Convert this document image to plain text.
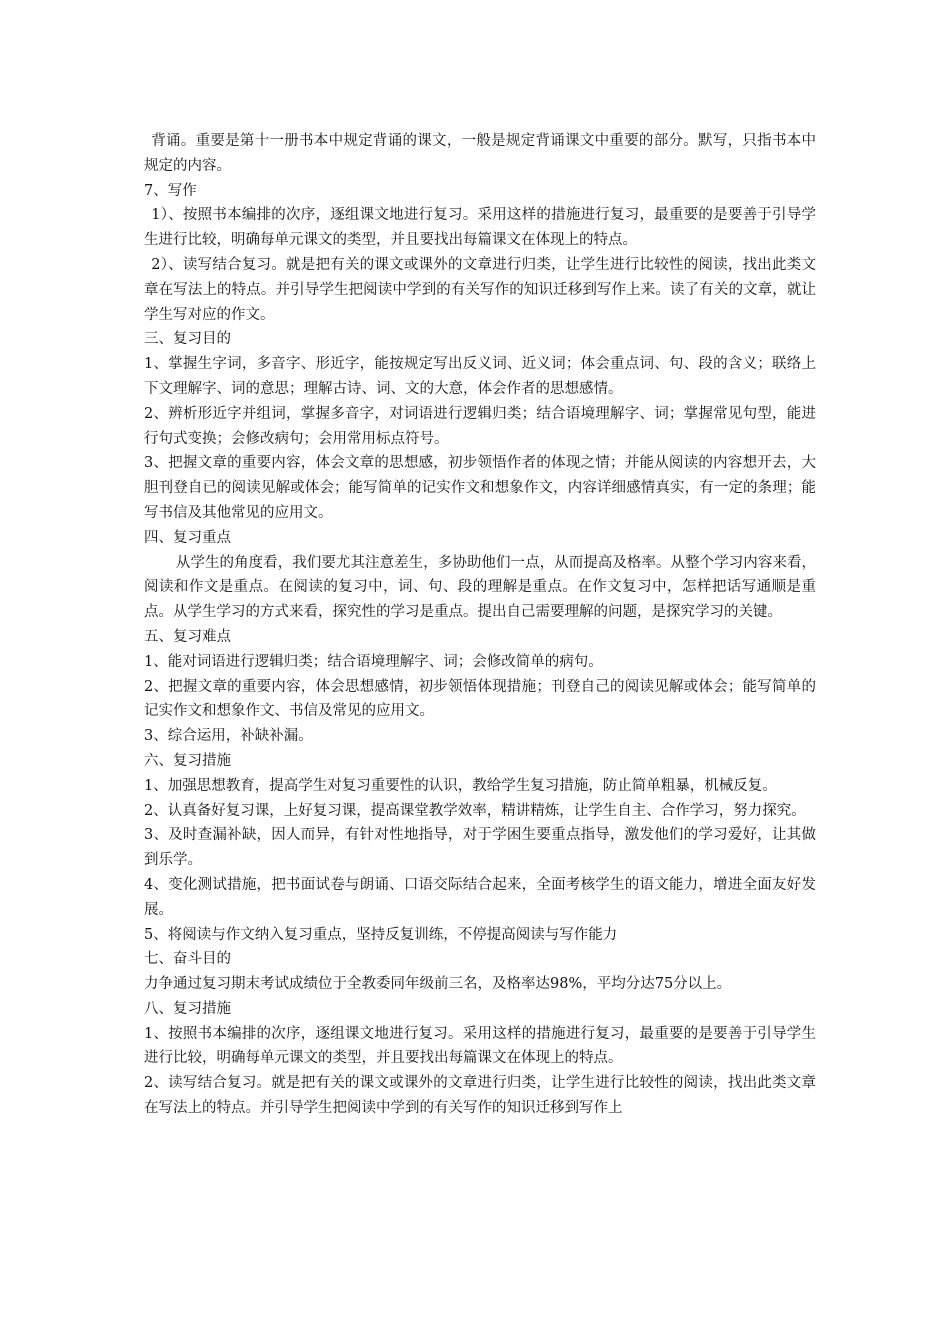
背诵。重要是第十一册书本中规定背诵的课文，一般是规定背诵课文中重要的部分。默写，只指书本中规定的内容。

7、写作

1）、按照书本编排的次序，逐组课文地进行复习。采用这样的措施进行复习，最重要的是要善于引导学生进行比较，明确每单元课文的类型，并且要找出每篇课文在体现上的特点。

2）、读写结合复习。就是把有关的课文或课外的文章进行归类，让学生进行比较性的阅读，找出此类文章在写法上的特点。并引导学生把阅读中学到的有关写作的知识迁移到写作上来。读了有关的文章，就让学生写对应的作文。

三、复习目的

1、掌握生字词，多音字、形近字，能按规定写出反义词、近义词；体会重点词、句、段的含义；联络上下文理解字、词的意思；理解古诗、词、文的大意，体会作者的思想感情。

2、辨析形近字并组词，掌握多音字，对词语进行逻辑归类；结合语境理解字、词；掌握常见句型，能进行句式变换；会修改病句；会用常用标点符号。

3、把握文章的重要内容，体会文章的思想感，初步领悟作者的体现之情；并能从阅读的内容想开去，大胆刊登自已的阅读见解或体会；能写简单的记实作文和想象作文，内容详细感情真实，有一定的条理；能写书信及其他常见的应用文。

四、复习重点

从学生的角度看，我们要尤其注意差生，多协助他们一点，从而提高及格率。从整个学习内容来看，阅读和作文是重点。在阅读的复习中，词、句、段的理解是重点。在作文复习中，怎样把话写通顺是重点。从学生学习的方式来看，探究性的学习是重点。提出自己需要理解的问题，是探究学习的关键。

五、复习难点

1、能对词语进行逻辑归类；结合语境理解字、词；会修改简单的病句。

2、把握文章的重要内容，体会思想感情，初步领悟体现措施；刊登自己的阅读见解或体会；能写简单的记实作文和想象作文、书信及常见的应用文。

3、综合运用，补缺补漏。

六、复习措施

1、加强思想教育，提高学生对复习重要性的认识，教给学生复习措施，防止简单粗暴，机械反复。

2、认真备好复习课，上好复习课，提高课堂教学效率，精讲精炼，让学生自主、合作学习，努力探究。

3、及时查漏补缺，因人而异，有针对性地指导，对于学困生要重点指导，激发他们的学习爱好，让其做到乐学。

4、变化测试措施，把书面试卷与朗诵、口语交际结合起来，全面考核学生的语文能力，增进全面友好发展。

5、将阅读与作文纳入复习重点，坚持反复训练，不停提高阅读与写作能力

七、奋斗目的

力争通过复习期末考试成绩位于全教委同年级前三名，及格率达98%，平均分达75分以上。

八、复习措施

1、按照书本编排的次序，逐组课文地进行复习。采用这样的措施进行复习，最重要的是要善于引导学生进行比较，明确每单元课文的类型，并且要找出每篇课文在体现上的特点。

2、读写结合复习。就是把有关的课文或课外的文章进行归类，让学生进行比较性的阅读，找出此类文章在写法上的特点。并引导学生把阅读中学到的有关写作的知识迁移到写作上
